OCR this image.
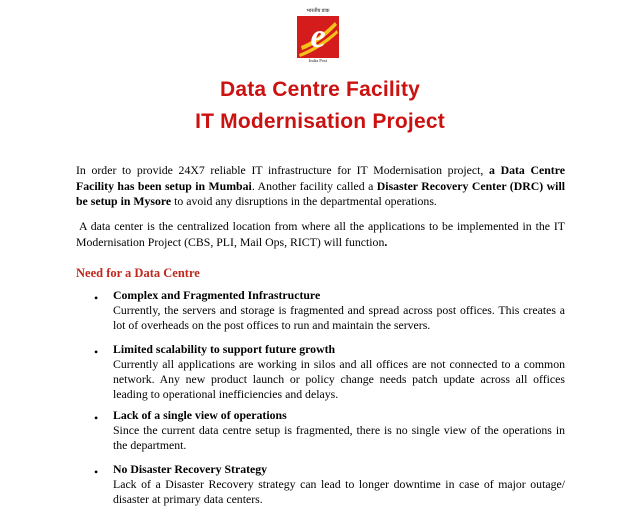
भारतीय डाक
e
India Post
Data Centre Facility
IT Modernisation Project

In order to provide 24X7 reliable IT infrastructure for IT Modernisation project, a Data Centre Facility has been setup in Mumbai. Another facility called a Disaster Recovery Center (DRC) will be setup in Mysore to avoid any disruptions in the departmental operations.

A data center is the centralized location from where all the applications to be implemented in the IT Modernisation Project (CBS, PLI, Mail Ops, RICT) will function.

Need for a Data Centre
• Complex and Fragmented Infrastructure
Currently, the servers and storage is fragmented and spread across post offices. This creates a lot of overheads on the post offices to run and maintain the servers.
• Limited scalability to support future growth
Currently all applications are working in silos and all offices are not connected to a common network. Any new product launch or policy change needs patch update across all offices leading to operational inefficiencies and delays.
• Lack of a single view of operations
Since the current data centre setup is fragmented, there is no single view of the operations in the department.
• No Disaster Recovery Strategy
Lack of a Disaster Recovery strategy can lead to longer downtime in case of major outage/ disaster at primary data centers.
